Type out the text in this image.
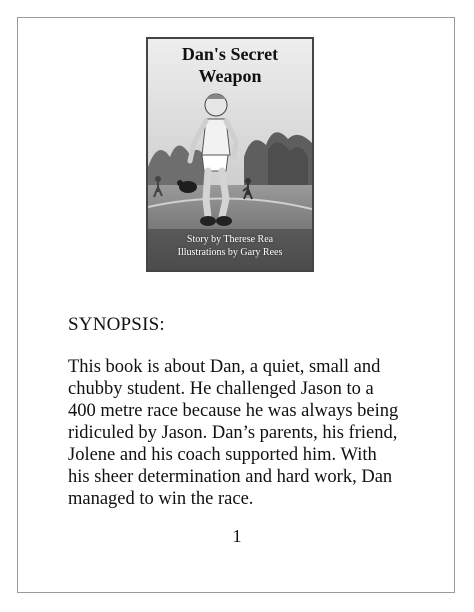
Dan's Secret
Weapon
Story by Therese Rea
Illustrations by Gary Rees
SYNOPSIS:

This book is about Dan, a quiet, small and
chubby student. He challenged Jason to a
400 metre race because he was always being
ridiculed by Jason. Dan’s parents, his friend,
Jolene and his coach supported him. With
his sheer determination and hard work, Dan
managed to win the race.

1
